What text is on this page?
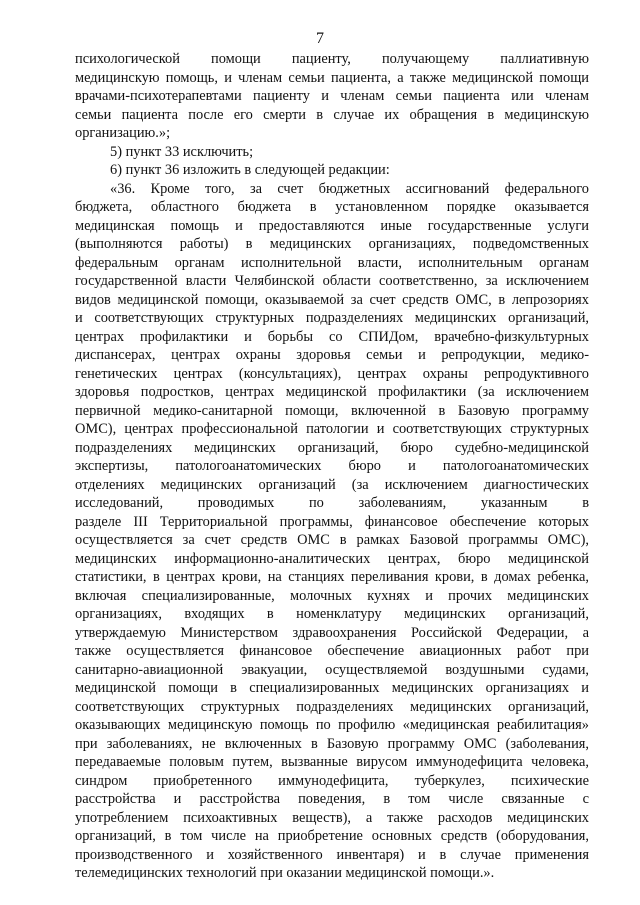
7
психологической помощи пациенту, получающему паллиативную
медицинскую помощь, и членам семьи пациента, а также медицинской помощи
врачами-психотерапевтами пациенту и членам семьи пациента или членам
семьи пациента после его смерти в случае их обращения в медицинскую
организацию.»;
5) пункт 33 исключить;
6) пункт 36 изложить в следующей редакции:
«36. Кроме того, за счет бюджетных ассигнований федерального
бюджета, областного бюджета в установленном порядке оказывается
медицинская помощь и предоставляются иные государственные услуги
(выполняются работы) в медицинских организациях, подведомственных
федеральным органам исполнительной власти, исполнительным органам
государственной власти Челябинской области соответственно, за исключением
видов медицинской помощи, оказываемой за счет средств ОМС, в лепрозориях
и соответствующих структурных подразделениях медицинских организаций,
центрах профилактики и борьбы со СПИДом, врачебно-физкультурных
диспансерах, центрах охраны здоровья семьи и репродукции, медико-
генетических центрах (консультациях), центрах охраны репродуктивного
здоровья подростков, центрах медицинской профилактики (за исключением
первичной медико-санитарной помощи, включенной в Базовую программу
ОМС), центрах профессиональной патологии и соответствующих структурных
подразделениях медицинских организаций, бюро судебно-медицинской
экспертизы, патологоанатомических бюро и патологоанатомических
отделениях медицинских организаций (за исключением диагностических
исследований, проводимых по заболеваниям, указанным в
разделе III Территориальной программы, финансовое обеспечение которых
осуществляется за счет средств ОМС в рамках Базовой программы ОМС),
медицинских информационно-аналитических центрах, бюро медицинской
статистики, в центрах крови, на станциях переливания крови, в домах ребенка,
включая специализированные, молочных кухнях и прочих медицинских
организациях, входящих в номенклатуру медицинских организаций,
утверждаемую Министерством здравоохранения Российской Федерации, а
также осуществляется финансовое обеспечение авиационных работ при
санитарно-авиационной эвакуации, осуществляемой воздушными судами,
медицинской помощи в специализированных медицинских организациях и
соответствующих структурных подразделениях медицинских организаций,
оказывающих медицинскую помощь по профилю «медицинская реабилитация»
при заболеваниях, не включенных в Базовую программу ОМС (заболевания,
передаваемые половым путем, вызванные вирусом иммунодефицита человека,
синдром приобретенного иммунодефицита, туберкулез, психические
расстройства и расстройства поведения, в том числе связанные с
употреблением психоактивных веществ), а также расходов медицинских
организаций, в том числе на приобретение основных средств (оборудования,
производственного и хозяйственного инвентаря) и в случае применения
телемедицинских технологий при оказании медицинской помощи.».
